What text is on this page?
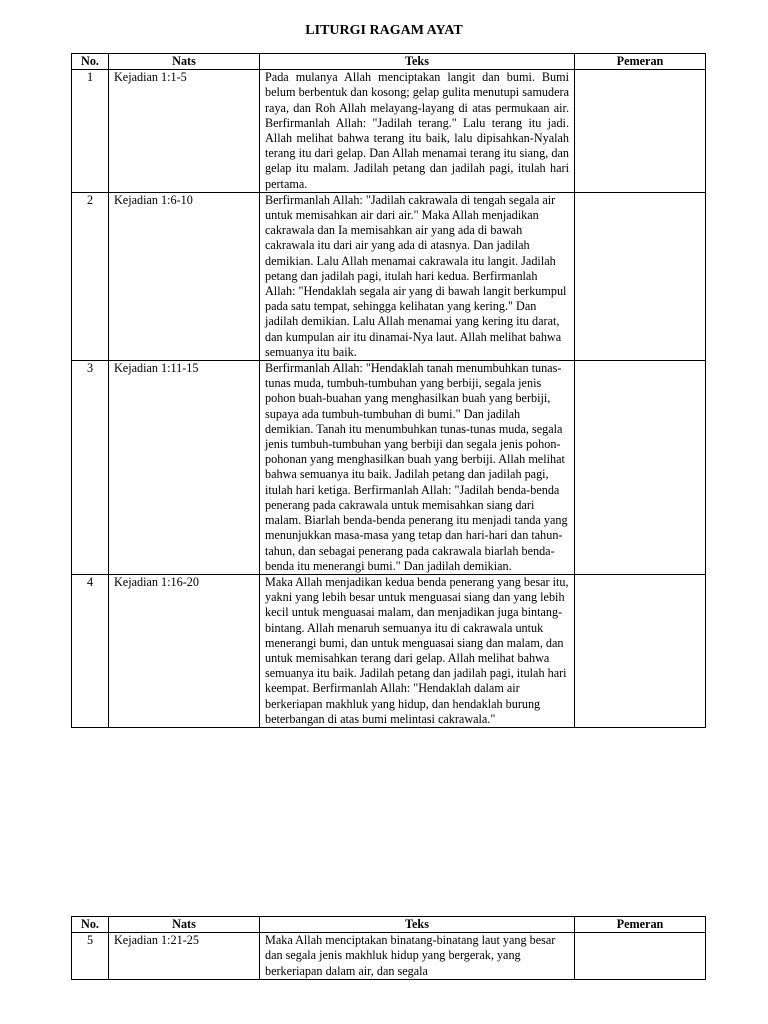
LITURGI RAGAM AYAT
No.	Nats	Teks	Pemeran
1	Kejadian 1:1-5	Pada mulanya Allah menciptakan langit dan bumi. Bumi belum berbentuk dan kosong; gelap gulita menutupi samudera raya, dan Roh Allah melayang-layang di atas permukaan air. Berfirmanlah Allah: "Jadilah terang." Lalu terang itu jadi. Allah melihat bahwa terang itu baik, lalu dipisahkan-Nyalah terang itu dari gelap. Dan Allah menamai terang itu siang, dan gelap itu malam. Jadilah petang dan jadilah pagi, itulah hari pertama.	
2	Kejadian 1:6-10	Berfirmanlah Allah: "Jadilah cakrawala di tengah segala air untuk memisahkan air dari air." Maka Allah menjadikan cakrawala dan Ia memisahkan air yang ada di bawah cakrawala itu dari air yang ada di atasnya. Dan jadilah demikian. Lalu Allah menamai cakrawala itu langit. Jadilah petang dan jadilah pagi, itulah hari kedua. Berfirmanlah Allah: "Hendaklah segala air yang di bawah langit berkumpul pada satu tempat, sehingga kelihatan yang kering." Dan jadilah demikian. Lalu Allah menamai yang kering itu darat, dan kumpulan air itu dinamai-Nya laut. Allah melihat bahwa semuanya itu baik.	
3	Kejadian 1:11-15	Berfirmanlah Allah: "Hendaklah tanah menumbuhkan tunas-tunas muda, tumbuh-tumbuhan yang berbiji, segala jenis pohon buah-buahan yang menghasilkan buah yang berbiji, supaya ada tumbuh-tumbuhan di bumi." Dan jadilah demikian. Tanah itu menumbuhkan tunas-tunas muda, segala jenis tumbuh-tumbuhan yang berbiji dan segala jenis pohon-pohonan yang menghasilkan buah yang berbiji. Allah melihat bahwa semuanya itu baik. Jadilah petang dan jadilah pagi, itulah hari ketiga. Berfirmanlah Allah: "Jadilah benda-benda penerang pada cakrawala untuk memisahkan siang dari malam. Biarlah benda-benda penerang itu menjadi tanda yang menunjukkan masa-masa yang tetap dan hari-hari dan tahun-tahun, dan sebagai penerang pada cakrawala biarlah benda-benda itu menerangi bumi." Dan jadilah demikian.	
4	Kejadian 1:16-20	Maka Allah menjadikan kedua benda penerang yang besar itu, yakni yang lebih besar untuk menguasai siang dan yang lebih kecil untuk menguasai malam, dan menjadikan juga bintang-bintang. Allah menaruh semuanya itu di cakrawala untuk menerangi bumi, dan untuk menguasai siang dan malam, dan untuk memisahkan terang dari gelap. Allah melihat bahwa semuanya itu baik. Jadilah petang dan jadilah pagi, itulah hari keempat. Berfirmanlah Allah: "Hendaklah dalam air berkeriapan makhluk yang hidup, dan hendaklah burung beterbangan di atas bumi melintasi cakrawala."	
No.	Nats	Teks	Pemeran
5	Kejadian 1:21-25	Maka Allah menciptakan binatang-binatang laut yang besar dan segala jenis makhluk hidup yang bergerak, yang berkeriapan dalam air, dan segala	
